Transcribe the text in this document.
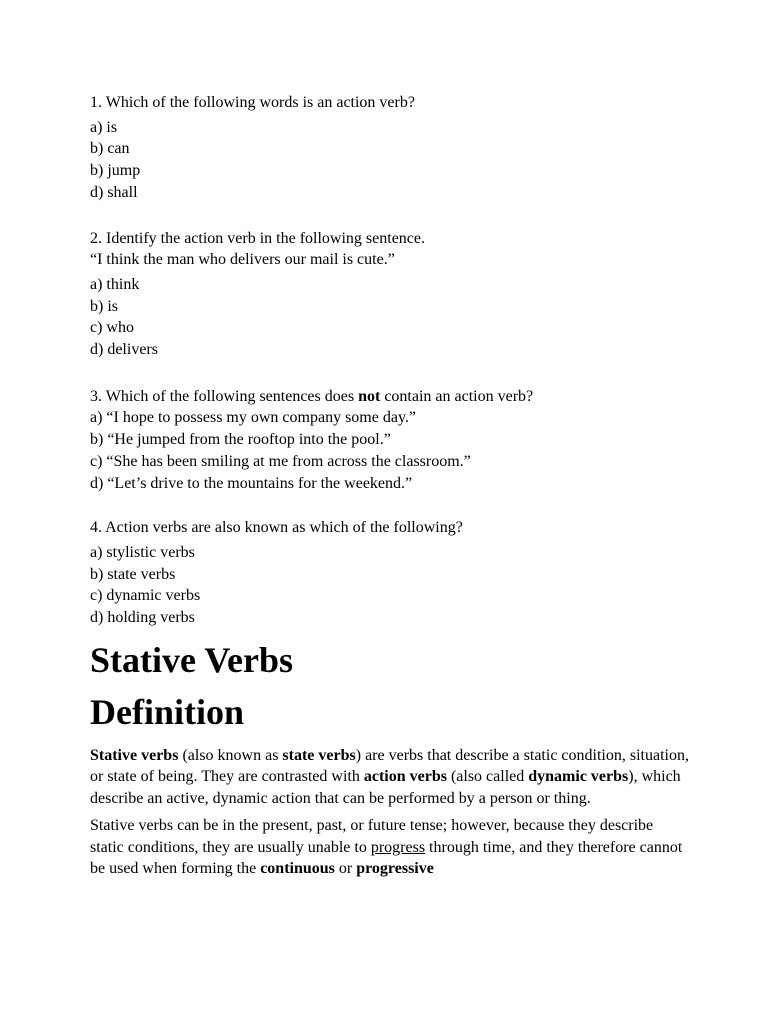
1. Which of the following words is an action verb?

a) is
b) can
b) jump
d) shall

2. Identify the action verb in the following sentence.

“I think the man who delivers our mail is cute.”

a) think
b) is
c) who
d) delivers

3. Which of the following sentences does not contain an action verb?

a) “I hope to possess my own company some day.”
b) “He jumped from the rooftop into the pool.”
c) “She has been smiling at me from across the classroom.”
d) “Let’s drive to the mountains for the weekend.”

4. Action verbs are also known as which of the following?

a) stylistic verbs
b) state verbs
c) dynamic verbs
d) holding verbs
Stative Verbs
Definition

Stative verbs (also known as state verbs) are verbs that describe a static condition, situation, or state of being. They are contrasted with action verbs (also called dynamic verbs), which describe an active, dynamic action that can be performed by a person or thing.

Stative verbs can be in the present, past, or future tense; however, because they describe static conditions, they are usually unable to progress through time, and they therefore cannot be used when forming the continuous or progressive
